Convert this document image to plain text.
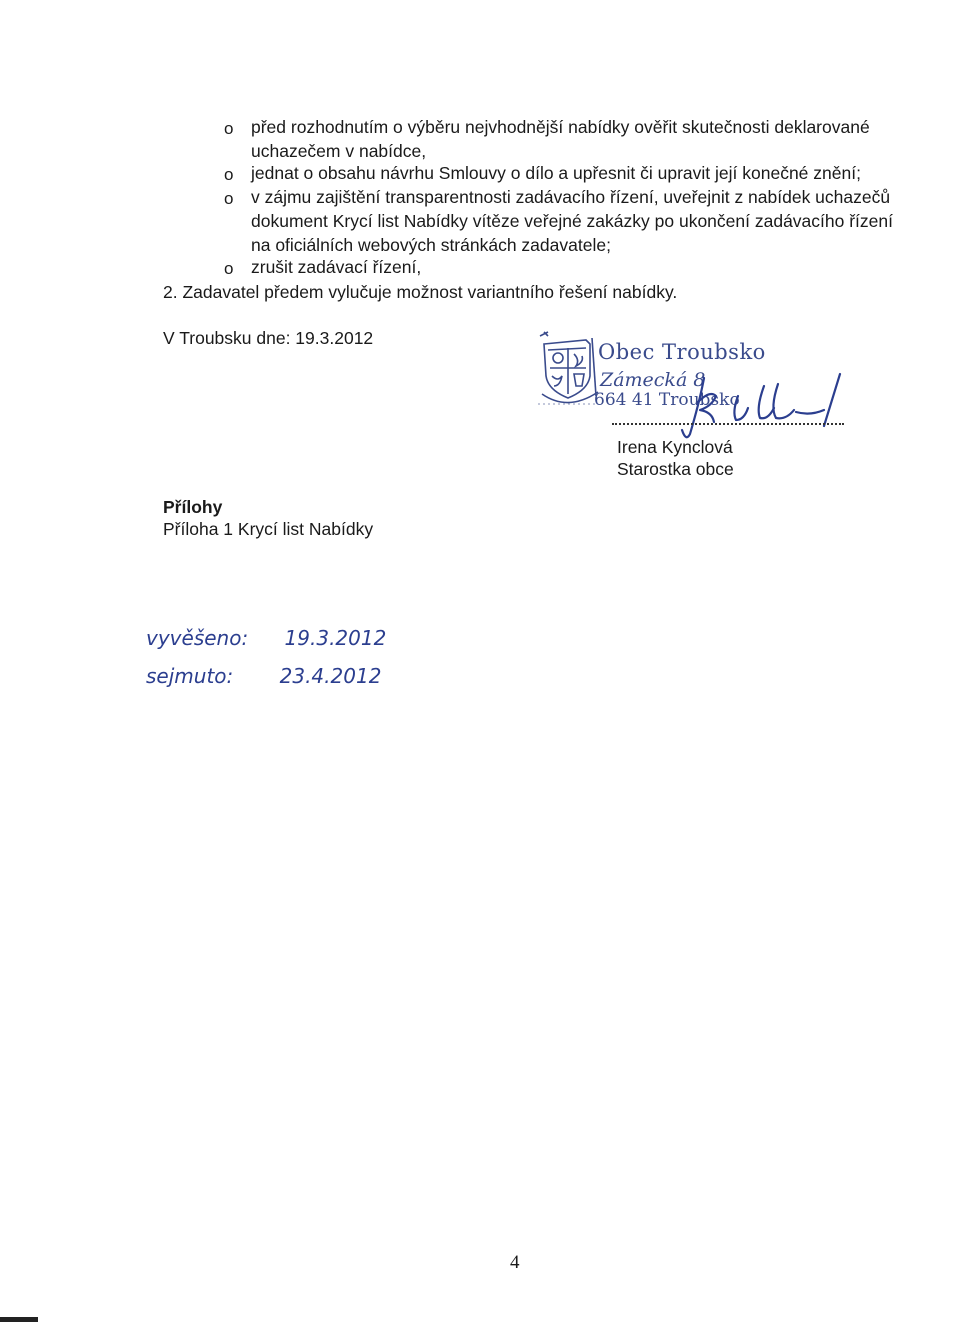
o před rozhodnutím o výběru nejvhodnější nabídky ověřit skutečnosti deklarované
uchazečem v nabídce,
o jednat o obsahu návrhu Smlouvy o dílo a upřesnit či upravit její konečné znění;
o v zájmu zajištění transparentnosti zadávacího řízení, uveřejnit z nabídek uchazečů
dokument Krycí list Nabídky vítěze veřejné zakázky po ukončení zadávacího řízení
na oficiálních webových stránkách zadavatele;
o zrušit zadávací řízení,
2. Zadavatel předem vylučuje možnost variantního řešení nabídky.
V Troubsku dne: 19.3.2012
Obec Troubsko
Zámecká 8
664 41 Troubsko
Irena Kynclová
Starostka obce
Přílohy
Příloha 1 Krycí list Nabídky
vyvěšeno: 19.3.2012
sejmuto: 23.4.2012
4
